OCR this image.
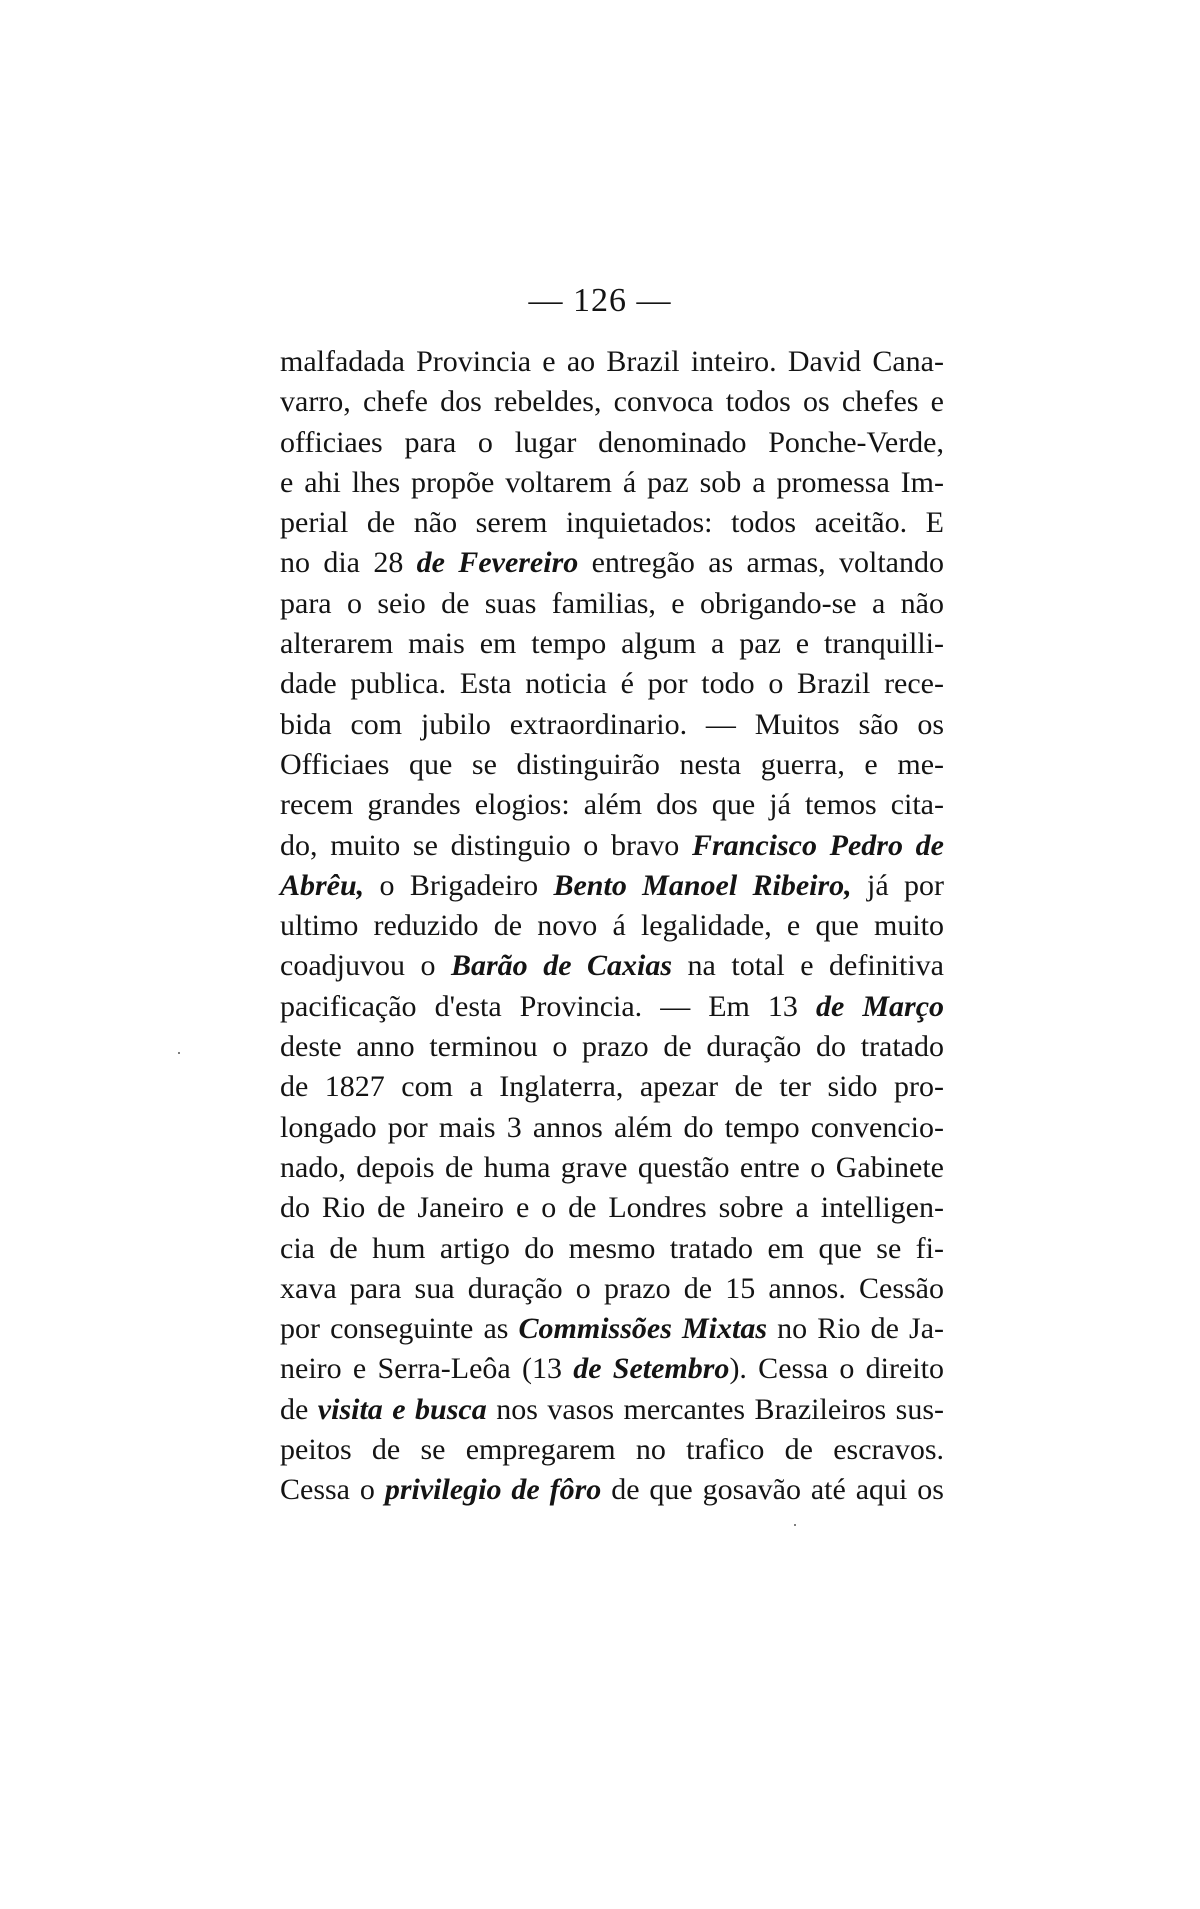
— 126 —
malfadada Provincia e ao Brazil inteiro. David Cana-
varro, chefe dos rebeldes, convoca todos os chefes e
officiaes para o lugar denominado Ponche-Verde,
e ahi lhes propõe voltarem á paz sob a promessa Im-
perial de não serem inquietados: todos aceitão. E
no dia 28 de Fevereiro entregão as armas, voltando
para o seio de suas familias, e obrigando-se a não
alterarem mais em tempo algum a paz e tranquilli-
dade publica. Esta noticia é por todo o Brazil rece-
bida com jubilo extraordinario. — Muitos são os
Officiaes que se distinguirão nesta guerra, e me-
recem grandes elogios: além dos que já temos cita-
do, muito se distinguio o bravo Francisco Pedro de
Abrêu, o Brigadeiro Bento Manoel Ribeiro, já por
ultimo reduzido de novo á legalidade, e que muito
coadjuvou o Barão de Caxias na total e definitiva
pacificação d'esta Provincia. — Em 13 de Março
deste anno terminou o prazo de duração do tratado
de 1827 com a Inglaterra, apezar de ter sido pro-
longado por mais 3 annos além do tempo convencio-
nado, depois de huma grave questão entre o Gabinete
do Rio de Janeiro e o de Londres sobre a intelligen-
cia de hum artigo do mesmo tratado em que se fi-
xava para sua duração o prazo de 15 annos. Cessão
por conseguinte as Commissões Mixtas no Rio de Ja-
neiro e Serra-Leôa (13 de Setembro). Cessa o direito
de visita e busca nos vasos mercantes Brazileiros sus-
peitos de se empregarem no trafico de escravos.
Cessa o privilegio de fôro de que gosavão até aqui os
